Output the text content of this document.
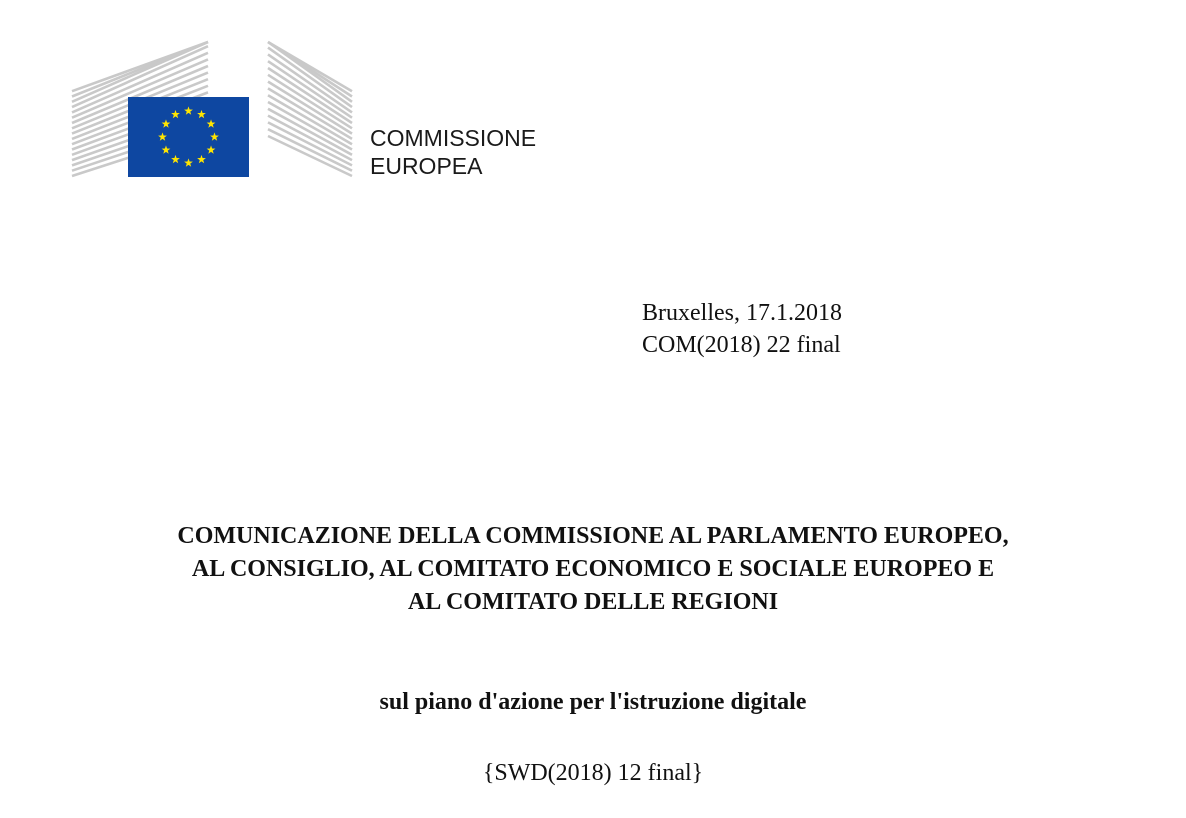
COMMISSIONE
EUROPEA
Bruxelles, 17.1.2018
COM(2018) 22 final
COMUNICAZIONE DELLA COMMISSIONE AL PARLAMENTO EUROPEO,
AL CONSIGLIO, AL COMITATO ECONOMICO E SOCIALE EUROPEO E
AL COMITATO DELLE REGIONI
sul piano d'azione per l'istruzione digitale
{SWD(2018) 12 final}
